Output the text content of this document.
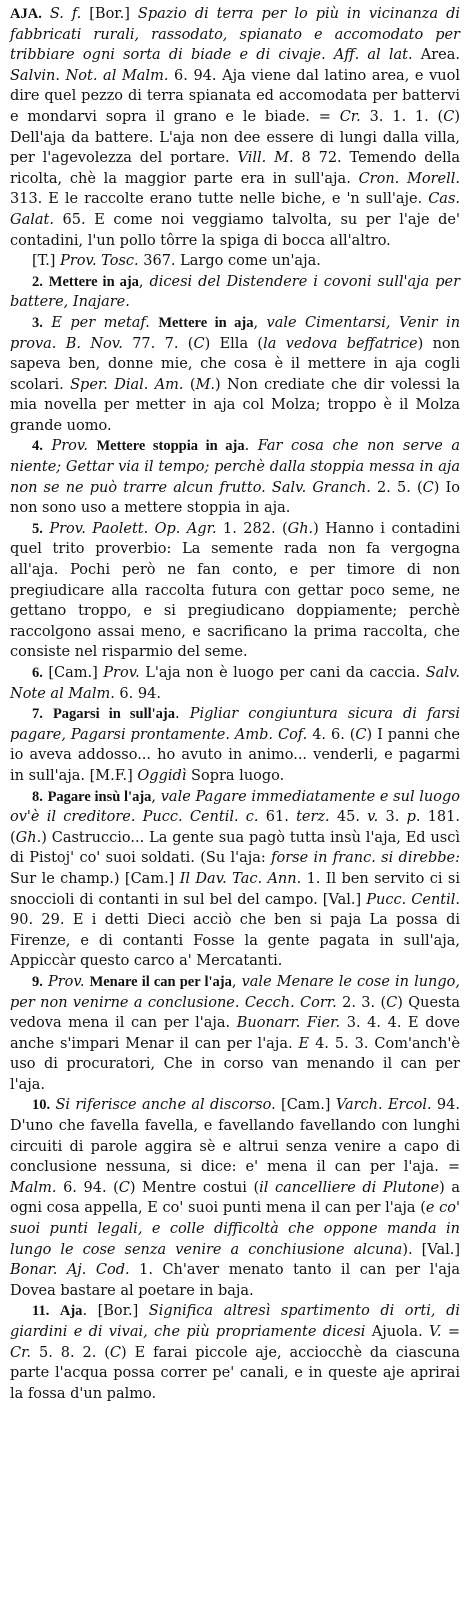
AJA. S. f. [Bor.] Spazio di terra per lo più in vicinanza di fabbricati rurali, rassodato, spianato e accomodato per tribbiare ogni sorta di biade e di civaje. Aff. al lat. Area. Salvin. Not. al Malm. 6. 94. Aja viene dal latino area, e vuol dire quel pezzo di terra spianata ed accomodata per battervi e mondarvi sopra il grano e le biade. = Cr. 3. 1. 1. (C) Dell'aja da battere. L'aja non dee essere di lungi dalla villa, per l'agevolezza del portare. Vill. M. 8 72. Temendo della ricolta, chè la maggior parte era in sull'aja. Cron. Morell. 313. E le raccolte erano tutte nelle biche, e 'n sull'aje. Cas. Galat. 65. E come noi veggiamo talvolta, su per l'aje de' contadini, l'un pollo tôrre la spiga di bocca all'altro.

[T.] Prov. Tosc. 367. Largo come un'aja.

2. Mettere in aja, dicesi del Distendere i covoni sull'aja per battere, Inajare.

3. E per metaf. Mettere in aja, vale Cimentarsi, Venir in prova. B. Nov. 77. 7. (C) Ella (la vedova beffatrice) non sapeva ben, donne mie, che cosa è il mettere in aja cogli scolari. Sper. Dial. Am. (M.) Non crediate che dir volessi la mia novella per metter in aja col Molza; troppo è il Molza grande uomo.

4. Prov. Mettere stoppia in aja. Far cosa che non serve a niente; Gettar via il tempo; perchè dalla stoppia messa in aja non se ne può trarre alcun frutto. Salv. Granch. 2. 5. (C) Io non sono uso a mettere stoppia in aja.

5. Prov. Paolett. Op. Agr. 1. 282. (Gh.) Hanno i contadini quel trito proverbio: La semente rada non fa vergogna all'aja. Pochi però ne fan conto, e per timore di non pregiudicare alla raccolta futura con gettar poco seme, ne gettano troppo, e si pregiudicano doppiamente; perchè raccolgono assai meno, e sacrificano la prima raccolta, che consiste nel risparmio del seme.

6. [Cam.] Prov. L'aja non è luogo per cani da caccia. Salv. Note al Malm. 6. 94.

7. Pagarsi in sull'aja. Pigliar congiuntura sicura di farsi pagare, Pagarsi prontamente. Amb. Cof. 4. 6. (C) I panni che io aveva addosso... ho avuto in animo... venderli, e pagarmi in sull'aja. [M.F.] Oggidì Sopra luogo.

8. Pagare insù l'aja, vale Pagare immediatamente e sul luogo ov'è il creditore. Pucc. Centil. c. 61. terz. 45. v. 3. p. 181. (Gh.) Castruccio... La gente sua pagò tutta insù l'aja, Ed uscì di Pistoj' co' suoi soldati. (Su l'aja: forse in franc. si direbbe: Sur le champ.) [Cam.] Il Dav. Tac. Ann. 1. Il ben servito ci si snoccioli di contanti in sul bel del campo. [Val.] Pucc. Centil. 90. 29. E i detti Dieci acciò che ben si paja La possa di Firenze, e di contanti Fosse la gente pagata in sull'aja, Appiccàr questo carco a' Mercatanti.

9. Prov. Menare il can per l'aja, vale Menare le cose in lungo, per non venirne a conclusione. Cecch. Corr. 2. 3. (C) Questa vedova mena il can per l'aja. Buonarr. Fier. 3. 4. 4. E dove anche s'impari Menar il can per l'aja. E 4. 5. 3. Com'anch'è uso di procuratori, Che in corso van menando il can per l'aja.

10. Si riferisce anche al discorso. [Cam.] Varch. Ercol. 94. D'uno che favella favella, e favellando favellando con lunghi circuiti di parole aggira sè e altrui senza venire a capo di conclusione nessuna, si dice: e' mena il can per l'aja. = Malm. 6. 94. (C) Mentre costui (il cancelliere di Plutone) a ogni cosa appella, E co' suoi punti mena il can per l'aja (e co' suoi punti legali, e colle difficoltà che oppone manda in lungo le cose senza venire a conchiusione alcuna). [Val.] Bonar. Aj. Cod. 1. Ch'aver menato tanto il can per l'aja Dovea bastare al poetare in baja.

11. Aja. [Bor.] Significa altresì spartimento di orti, di giardini e di vivai, che più propriamente dicesi Ajuola. V. = Cr. 5. 8. 2. (C) E farai piccole aje, acciocchè da ciascuna parte l'acqua possa correr pe' canali, e in queste aje aprirai la fossa d'un palmo.
